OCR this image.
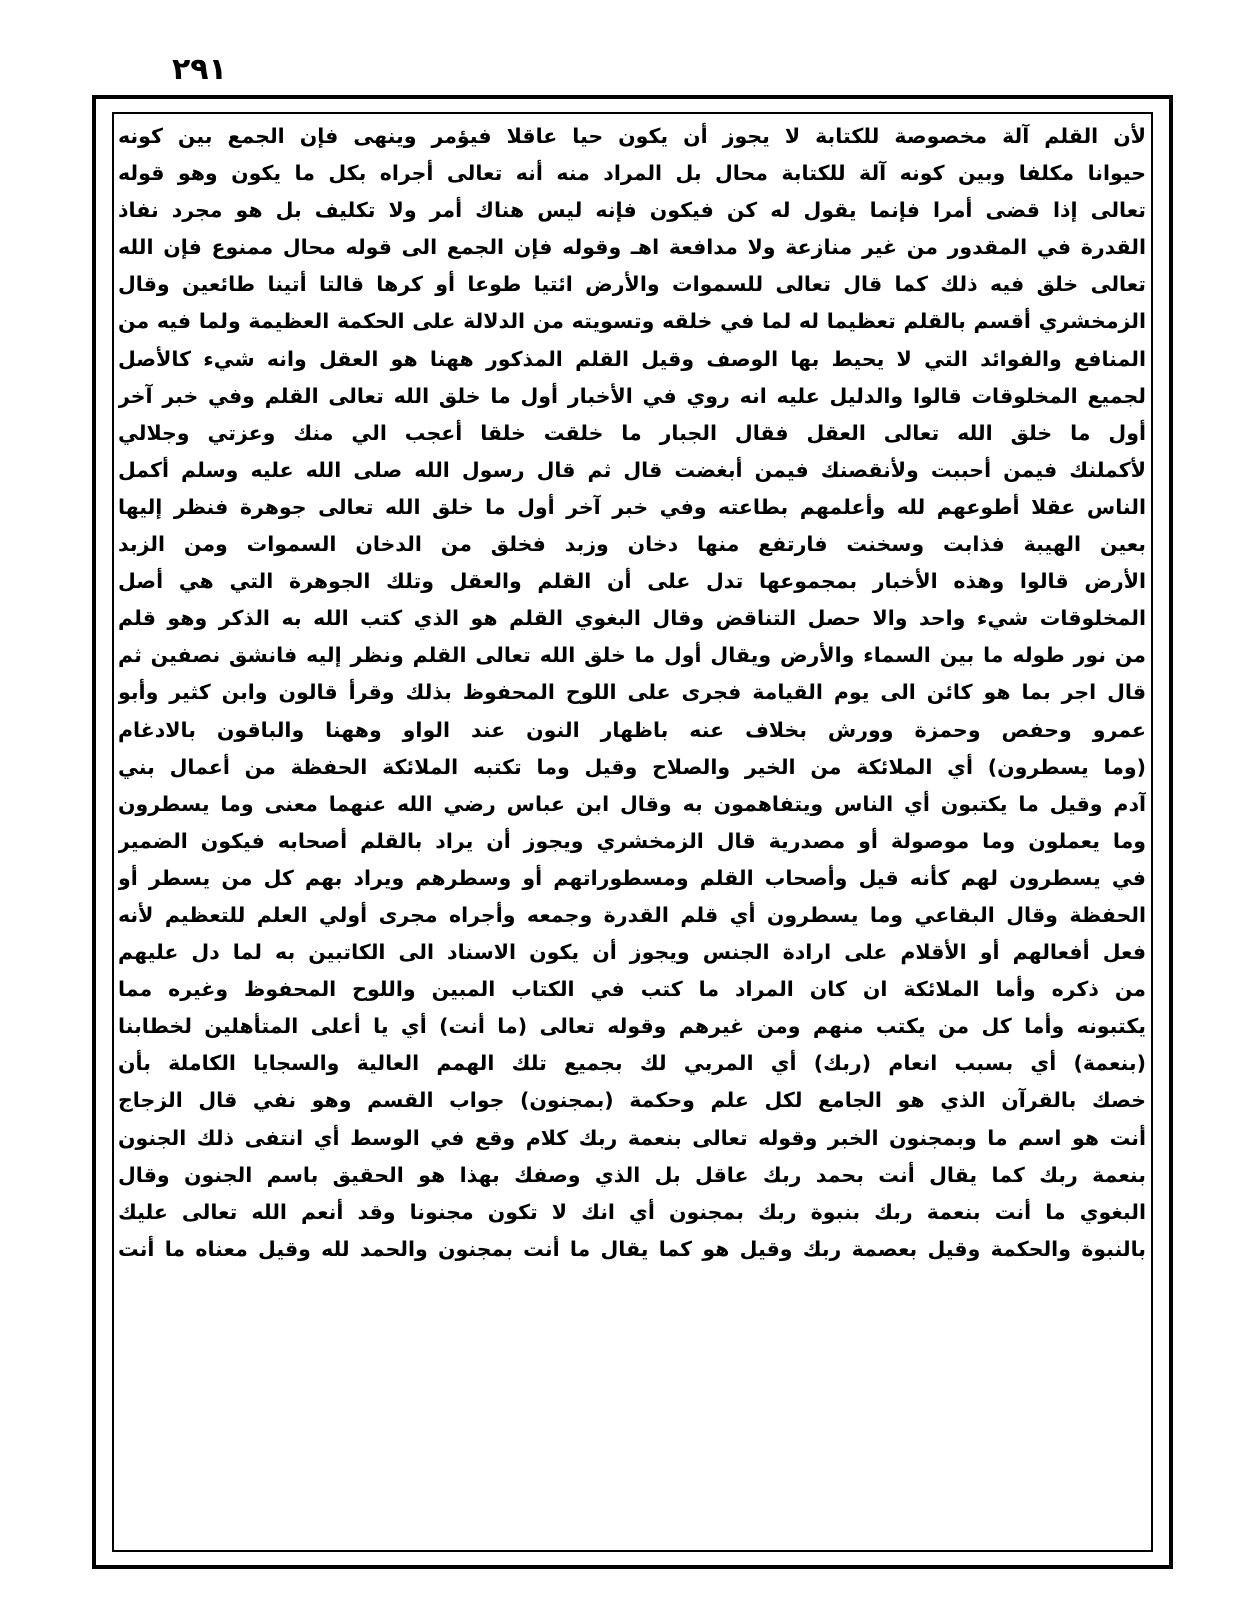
٢٩١
لأن القلم آلة مخصوصة للكتابة لا يجوز أن يكون حيا عاقلا فيؤمر وينهى فإن الجمع بين كونه
حيوانا مكلفا وبين كونه آلة للكتابة محال بل المراد منه أنه تعالى أجراه بكل ما يكون وهو قوله
تعالى إذا قضى أمرا فإنما يقول له كن فيكون فإنه ليس هناك أمر ولا تكليف بل هو مجرد نفاذ
القدرة في المقدور من غير منازعة ولا مدافعة اهـ وقوله فإن الجمع الى قوله محال ممنوع فإن الله
تعالى خلق فيه ذلك كما قال تعالى للسموات والأرض ائتيا طوعا أو كرها قالتا أتينا طائعين وقال
الزمخشري أقسم بالقلم تعظيما له لما في خلقه وتسويته من الدلالة على الحكمة العظيمة ولما فيه من
المنافع والفوائد التي لا يحيط بها الوصف وقيل القلم المذكور ههنا هو العقل وانه شيء كالأصل
لجميع المخلوقات قالوا والدليل عليه انه روي في الأخبار أول ما خلق الله تعالى القلم وفي خبر آخر
أول ما خلق الله تعالى العقل فقال الجبار ما خلقت خلقا أعجب الي منك وعزتي وجلالي
لأكملنك فيمن أحببت ولأنقصنك فيمن أبغضت قال ثم قال رسول الله صلى الله عليه وسلم أكمل
الناس عقلا أطوعهم لله وأعلمهم بطاعته وفي خبر آخر أول ما خلق الله تعالى جوهرة فنظر إليها
بعين الهيبة فذابت وسخنت فارتفع منها دخان وزبد فخلق من الدخان السموات ومن الزبد
الأرض قالوا وهذه الأخبار بمجموعها تدل على أن القلم والعقل وتلك الجوهرة التي هي أصل
المخلوقات شيء واحد والا حصل التناقض وقال البغوي القلم هو الذي كتب الله به الذكر وهو قلم
من نور طوله ما بين السماء والأرض ويقال أول ما خلق الله تعالى القلم ونظر إليه فانشق نصفين ثم
قال اجر بما هو كائن الى يوم القيامة فجرى على اللوح المحفوظ بذلك وقرأ قالون وابن كثير وأبو
عمرو وحفص وحمزة وورش بخلاف عنه باظهار النون عند الواو وههنا والباقون بالادغام
(وما يسطرون) أي الملائكة من الخير والصلاح وقيل وما تكتبه الملائكة الحفظة من أعمال بني
آدم وقيل ما يكتبون أي الناس ويتفاهمون به وقال ابن عباس رضي الله عنهما معنى وما يسطرون
وما يعملون وما موصولة أو مصدرية قال الزمخشري ويجوز أن يراد بالقلم أصحابه فيكون الضمير
في يسطرون لهم كأنه قيل وأصحاب القلم ومسطوراتهم أو وسطرهم ويراد بهم كل من يسطر أو
الحفظة وقال البقاعي وما يسطرون أي قلم القدرة وجمعه وأجراه مجرى أولي العلم للتعظيم لأنه
فعل أفعالهم أو الأقلام على ارادة الجنس ويجوز أن يكون الاسناد الى الكاتبين به لما دل عليهم
من ذكره وأما الملائكة ان كان المراد ما كتب في الكتاب المبين واللوح المحفوظ وغيره مما
يكتبونه وأما كل من يكتب منهم ومن غيرهم وقوله تعالى (ما أنت) أي يا أعلى المتأهلين لخطابنا
(بنعمة) أي بسبب انعام (ربك) أي المربي لك بجميع تلك الهمم العالية والسجايا الكاملة بأن
خصك بالقرآن الذي هو الجامع لكل علم وحكمة (بمجنون) جواب القسم وهو نفي قال الزجاج
أنت هو اسم ما وبمجنون الخبر وقوله تعالى بنعمة ربك كلام وقع في الوسط أي انتفى ذلك الجنون
بنعمة ربك كما يقال أنت بحمد ربك عاقل بل الذي وصفك بهذا هو الحقيق باسم الجنون وقال
البغوي ما أنت بنعمة ربك بنبوة ربك بمجنون أي انك لا تكون مجنونا وقد أنعم الله تعالى عليك
بالنبوة والحكمة وقيل بعصمة ربك وقيل هو كما يقال ما أنت بمجنون والحمد لله وقيل معناه ما أنت
